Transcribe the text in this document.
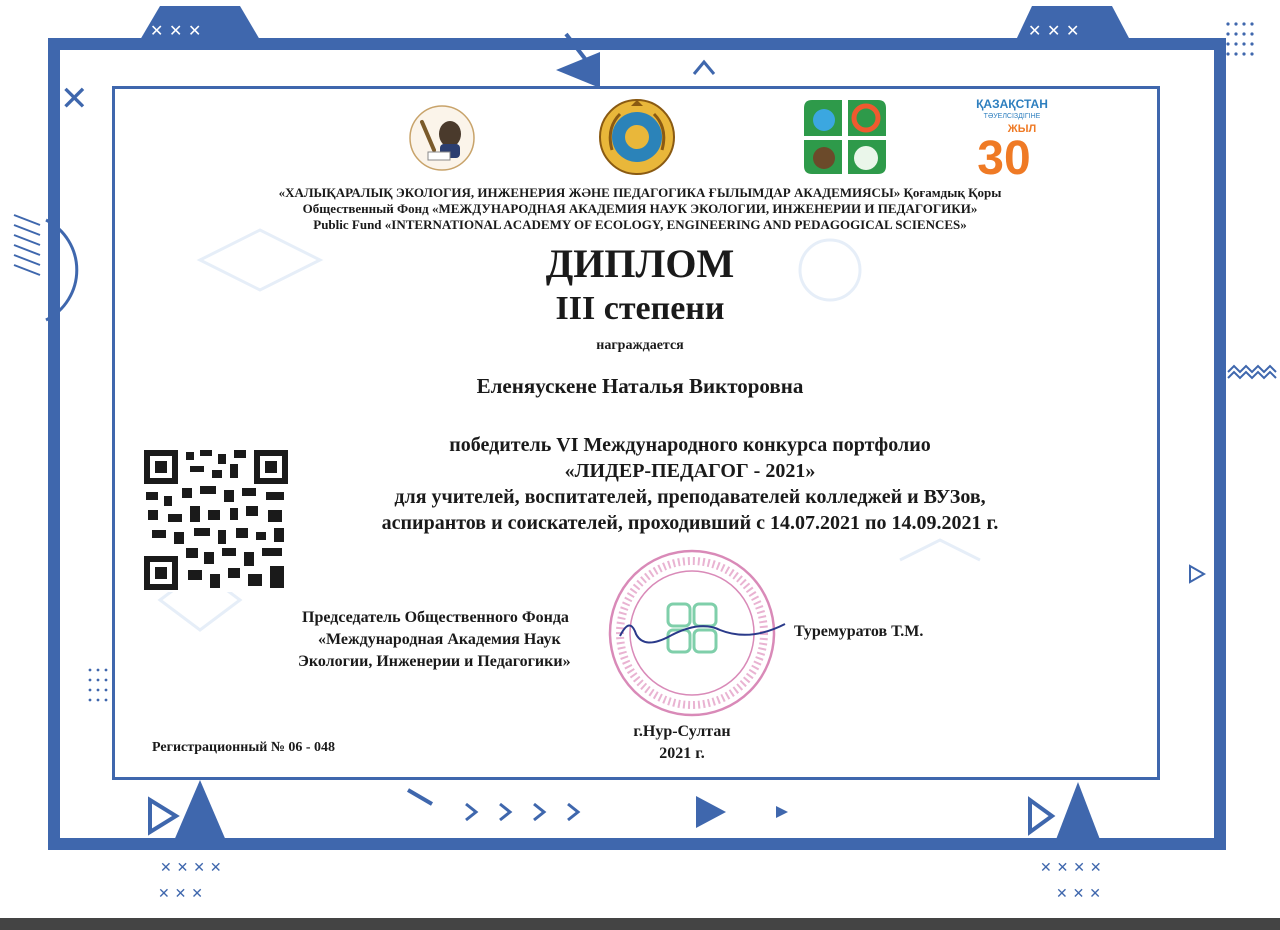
✕ ✕ ✕	✕ ✕ ✕
✕
✕ ✕ ✕ ✕
✕ ✕ ✕
✕ ✕ ✕ ✕
✕ ✕ ✕
ҚАЗАҚСТАН
ТӘУЕЛСІЗДІГІНЕ
ЖЫЛ
30
«ХАЛЫҚАРАЛЫҚ ЭКОЛОГИЯ, ИНЖЕНЕРИЯ ЖӘНЕ ПЕДАГОГИКА ҒЫЛЫМДАР АКАДЕМИЯСЫ» Қоғамдық Қоры
Общественный Фонд «МЕЖДУНАРОДНАЯ АКАДЕМИЯ НАУК ЭКОЛОГИИ, ИНЖЕНЕРИИ И ПЕДАГОГИКИ»
Public Fund «INTERNATIONAL ACADEMY OF ECOLOGY, ENGINEERING AND PEDAGOGICAL SCIENCES»
ДИПЛОМ
III степени
награждается
Еленяускене Наталья Викторовна
победитель VI Международного конкурса портфолио
«ЛИДЕР-ПЕДАГОГ - 2021»
для учителей, воспитателей, преподавателей колледжей и ВУЗов,
аспирантов и соискателей, проходивший с 14.07.2021 по 14.09.2021 г.
Председатель Общественного Фонда
«Международная Академия Наук
Экологии, Инженерии и Педагогики»
Туремуратов Т.М.
Регистрационный № 06 - 048
г.Нур-Султан
2021 г.
